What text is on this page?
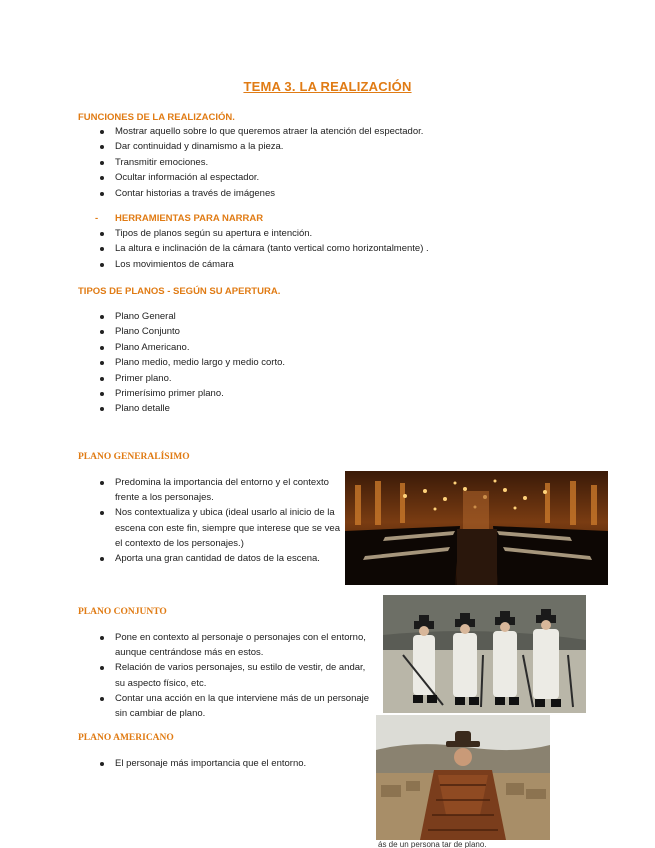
TEMA 3. LA REALIZACIÓN
FUNCIONES DE LA REALIZACIÓN.
Mostrar aquello sobre lo que queremos atraer la atención del espectador.
Dar continuidad y dinamismo a la pieza.
Transmitir emociones.
Ocultar información al espectador.
Contar historias a través de imágenes
- HERRAMIENTAS PARA NARRAR
Tipos de planos según su apertura e intención.
La altura e inclinación de la cámara (tanto vertical como horizontalmente) .
Los movimientos de cámara
TIPOS DE PLANOS - SEGÚN SU APERTURA.
Plano General
Plano Conjunto
Plano Americano.
Plano medio, medio largo y medio corto.
Primer plano.
Primerísimo primer plano.
Plano detalle
PLANO GENERALÍSIMO
Predomina la importancia del entorno y el contexto frente a los personajes.
Nos contextualiza y ubica (ideal usarlo al inicio de la escena con este fin, siempre que interese que se vea el contexto de los personajes.)
Aporta una gran cantidad de datos de la escena.
PLANO CONJUNTO
Pone en contexto al personaje o personajes con el entorno, aunque centrándose más en estos.
Relación de varios personajes, su estilo de vestir, de andar, su aspecto físico, etc.
Contar una acción en la que interviene más de un personaje sin cambiar de plano.
PLANO AMERICANO
El personaje más importancia que el entorno.
ás de un persona tar de plano.
